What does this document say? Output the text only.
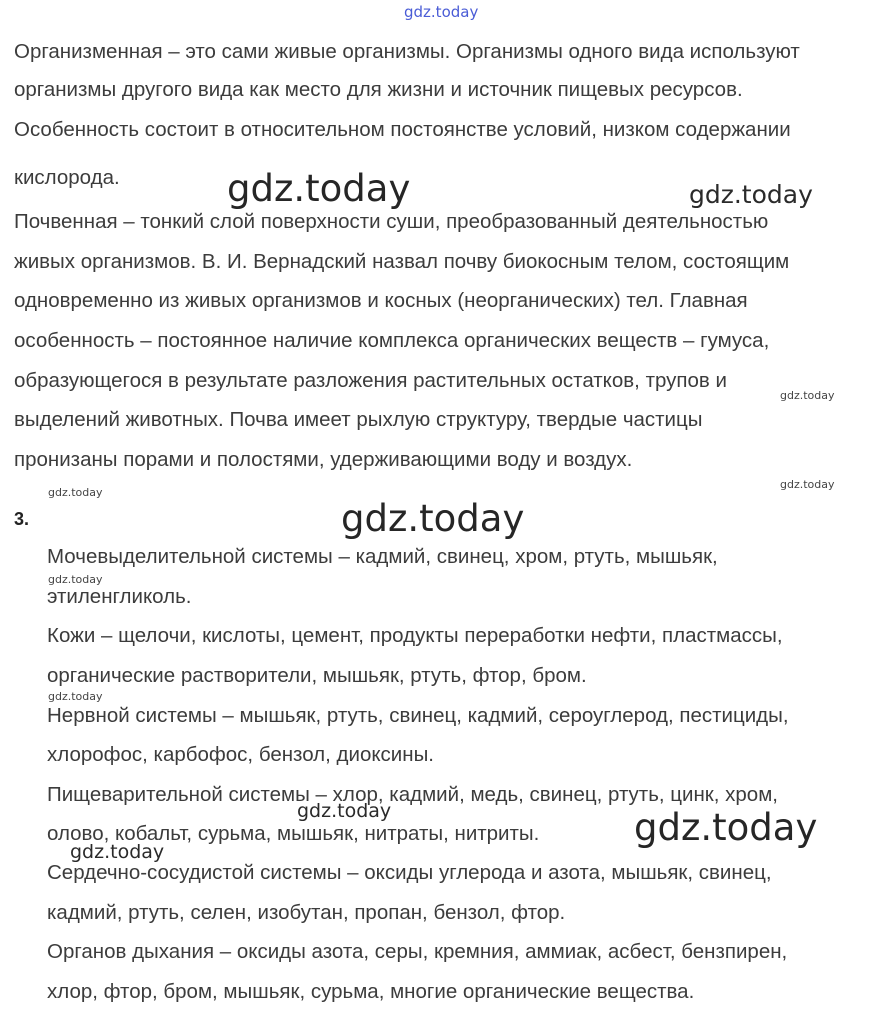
gdz.today
Организменная – это сами живые организмы. Организмы одного вида используют
организмы другого вида как место для жизни и источник пищевых ресурсов.
Особенность состоит в относительном постоянстве условий, низком содержании
кислорода.
Почвенная – тонкий слой поверхности суши, преобразованный деятельностью
живых организмов. В. И. Вернадский назвал почву биокосным телом, состоящим
одновременно из живых организмов и косных (неорганических) тел. Главная
особенность – постоянное наличие комплекса органических веществ – гумуса,
образующегося в результате разложения растительных остатков, трупов и
выделений животных. Почва имеет рыхлую структуру, твердые частицы
пронизаны порами и полостями, удерживающими воду и воздух.
3.
Мочевыделительной системы – кадмий, свинец, хром, ртуть, мышьяк,
этиленгликоль.
Кожи – щелочи, кислоты, цемент, продукты переработки нефти, пластмассы,
органические растворители, мышьяк, ртуть, фтор, бром.
Нервной системы – мышьяк, ртуть, свинец, кадмий, сероуглерод, пестициды,
хлорофос, карбофос, бензол, диоксины.
Пищеварительной системы – хлор, кадмий, медь, свинец, ртуть, цинк, хром,
олово, кобальт, сурьма, мышьяк, нитраты, нитриты.
Сердечно-сосудистой системы – оксиды углерода и азота, мышьяк, свинец,
кадмий, ртуть, селен, изобутан, пропан, бензол, фтор.
Органов дыхания – оксиды азота, серы, кремния, аммиак, асбест, бензпирен,
хлор, фтор, бром, мышьяк, сурьма, многие органические вещества.
gdz.today	gdz.today
gdz.today
gdz.today
gdz.today
gdz.today
gdz.today
gdz.today
gdz.today	gdz.today
gdz.today
